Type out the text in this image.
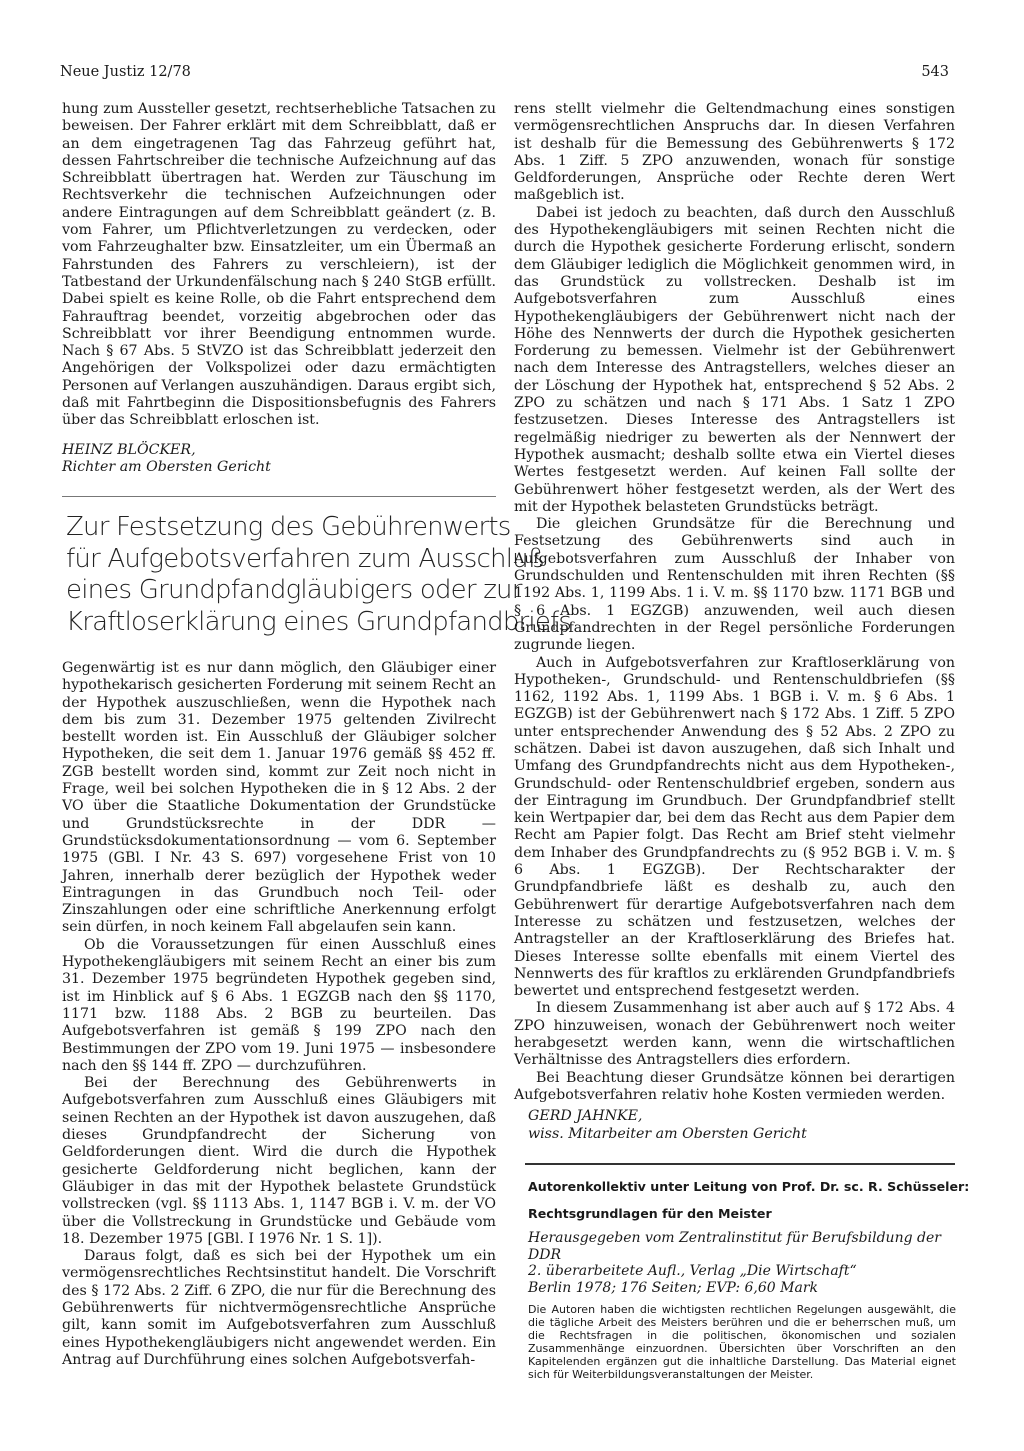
Neue Justiz 12/78	543

hung zum Aussteller gesetzt, rechtserhebliche Tatsachen zu beweisen. Der Fahrer erklärt mit dem Schreibblatt, daß er an dem eingetragenen Tag das Fahrzeug geführt hat, dessen Fahrtschreiber die technische Aufzeichnung auf das Schreibblatt übertragen hat. Werden zur Täuschung im Rechtsverkehr die technischen Aufzeichnungen oder andere Eintragungen auf dem Schreibblatt geändert (z. B. vom Fahrer, um Pflichtverletzungen zu verdecken, oder vom Fahrzeughalter bzw. Einsatzleiter, um ein Übermaß an Fahrstunden des Fahrers zu verschleiern), ist der Tatbestand der Urkundenfälschung nach § 240 StGB erfüllt. Dabei spielt es keine Rolle, ob die Fahrt entsprechend dem Fahrauftrag beendet, vorzeitig abgebrochen oder das Schreibblatt vor ihrer Beendigung entnommen wurde. Nach § 67 Abs. 5 StVZO ist das Schreibblatt jederzeit den Angehörigen der Volkspolizei oder dazu ermächtigten Personen auf Verlangen auszuhändigen. Daraus ergibt sich, daß mit Fahrtbeginn die Dispositionsbefugnis des Fahrers über das Schreibblatt erloschen ist.

HEINZ BLÖCKER,

Richter am Obersten Gericht

Zur Festsetzung des Gebührenwerts
für Aufgebotsverfahren zum Ausschluß
eines Grundpfandgläubigers oder zur
Kraftloserklärung eines Grundpfandbriefs

Gegenwärtig ist es nur dann möglich, den Gläubiger einer hypothekarisch gesicherten Forderung mit seinem Recht an der Hypothek auszuschließen, wenn die Hypothek nach dem bis zum 31. Dezember 1975 geltenden Zivilrecht bestellt worden ist. Ein Ausschluß der Gläubiger solcher Hypotheken, die seit dem 1. Januar 1976 gemäß §§ 452 ff. ZGB bestellt worden sind, kommt zur Zeit noch nicht in Frage, weil bei solchen Hypotheken die in § 12 Abs. 2 der VO über die Staatliche Dokumentation der Grundstücke und Grundstücksrechte in der DDR — Grundstücksdokumentationsordnung — vom 6. September 1975 (GBl. I Nr. 43 S. 697) vorgesehene Frist von 10 Jahren, innerhalb derer bezüglich der Hypothek weder Eintragungen in das Grundbuch noch Teil- oder Zinszahlungen oder eine schriftliche Anerkennung erfolgt sein dürfen, in noch keinem Fall abgelaufen sein kann.

Ob die Voraussetzungen für einen Ausschluß eines Hypothekengläubigers mit seinem Recht an einer bis zum 31. Dezember 1975 begründeten Hypothek gegeben sind, ist im Hinblick auf § 6 Abs. 1 EGZGB nach den §§ 1170, 1171 bzw. 1188 Abs. 2 BGB zu beurteilen. Das Aufgebotsverfahren ist gemäß § 199 ZPO nach den Bestimmungen der ZPO vom 19. Juni 1975 — insbesondere nach den §§ 144 ff. ZPO — durchzuführen.

Bei der Berechnung des Gebührenwerts in Aufgebotsverfahren zum Ausschluß eines Gläubigers mit seinen Rechten an der Hypothek ist davon auszugehen, daß dieses Grundpfandrecht der Sicherung von Geldforderungen dient. Wird die durch die Hypothek gesicherte Geldforderung nicht beglichen, kann der Gläubiger in das mit der Hypothek belastete Grundstück vollstrecken (vgl. §§ 1113 Abs. 1, 1147 BGB i. V. m. der VO über die Vollstreckung in Grundstücke und Gebäude vom 18. Dezember 1975 [GBl. I 1976 Nr. 1 S. 1]).

Daraus folgt, daß es sich bei der Hypothek um ein vermögensrechtliches Rechtsinstitut handelt. Die Vorschrift des § 172 Abs. 2 Ziff. 6 ZPO, die nur für die Berechnung des Gebührenwerts für nichtvermögensrechtliche Ansprüche gilt, kann somit im Aufgebotsverfahren zum Ausschluß eines Hypothekengläubigers nicht angewendet werden. Ein Antrag auf Durchführung eines solchen Aufgebotsverfah-

rens stellt vielmehr die Geltendmachung eines sonstigen vermögensrechtlichen Anspruchs dar. In diesen Verfahren ist deshalb für die Bemessung des Gebührenwerts § 172 Abs. 1 Ziff. 5 ZPO anzuwenden, wonach für sonstige Geldforderungen, Ansprüche oder Rechte deren Wert maßgeblich ist.

Dabei ist jedoch zu beachten, daß durch den Ausschluß des Hypothekengläubigers mit seinen Rechten nicht die durch die Hypothek gesicherte Forderung erlischt, sondern dem Gläubiger lediglich die Möglichkeit genommen wird, in das Grundstück zu vollstrecken. Deshalb ist im Aufgebotsverfahren zum Ausschluß eines Hypothekengläubigers der Gebührenwert nicht nach der Höhe des Nennwerts der durch die Hypothek gesicherten Forderung zu bemessen. Vielmehr ist der Gebührenwert nach dem Interesse des Antragstellers, welches dieser an der Löschung der Hypothek hat, entsprechend § 52 Abs. 2 ZPO zu schätzen und nach § 171 Abs. 1 Satz 1 ZPO festzusetzen. Dieses Interesse des Antragstellers ist regelmäßig niedriger zu bewerten als der Nennwert der Hypothek ausmacht; deshalb sollte etwa ein Viertel dieses Wertes festgesetzt werden. Auf keinen Fall sollte der Gebührenwert höher festgesetzt werden, als der Wert des mit der Hypothek belasteten Grundstücks beträgt.

Die gleichen Grundsätze für die Berechnung und Festsetzung des Gebührenwerts sind auch in Aufgebotsverfahren zum Ausschluß der Inhaber von Grundschulden und Rentenschulden mit ihren Rechten (§§ 1192 Abs. 1, 1199 Abs. 1 i. V. m. §§ 1170 bzw. 1171 BGB und § 6 Abs. 1 EGZGB) anzuwenden, weil auch diesen Grundpfandrechten in der Regel persönliche Forderungen zugrunde liegen.

Auch in Aufgebotsverfahren zur Kraftloserklärung von Hypotheken-, Grundschuld- und Rentenschuldbriefen (§§ 1162, 1192 Abs. 1, 1199 Abs. 1 BGB i. V. m. § 6 Abs. 1 EGZGB) ist der Gebührenwert nach § 172 Abs. 1 Ziff. 5 ZPO unter entsprechender Anwendung des § 52 Abs. 2 ZPO zu schätzen. Dabei ist davon auszugehen, daß sich Inhalt und Umfang des Grundpfandrechts nicht aus dem Hypotheken-, Grundschuld- oder Rentenschuldbrief ergeben, sondern aus der Eintragung im Grundbuch. Der Grundpfandbrief stellt kein Wertpapier dar, bei dem das Recht aus dem Papier dem Recht am Papier folgt. Das Recht am Brief steht vielmehr dem Inhaber des Grundpfandrechts zu (§ 952 BGB i. V. m. § 6 Abs. 1 EGZGB). Der Rechtscharakter der Grundpfandbriefe läßt es deshalb zu, auch den Gebührenwert für derartige Aufgebotsverfahren nach dem Interesse zu schätzen und festzusetzen, welches der Antragsteller an der Kraftloserklärung des Briefes hat. Dieses Interesse sollte ebenfalls mit einem Viertel des Nennwerts des für kraftlos zu erklärenden Grundpfandbriefs bewertet und entsprechend festgesetzt werden.

In diesem Zusammenhang ist aber auch auf § 172 Abs. 4 ZPO hinzuweisen, wonach der Gebührenwert noch weiter herabgesetzt werden kann, wenn die wirtschaftlichen Verhältnisse des Antragstellers dies erfordern.

Bei Beachtung dieser Grundsätze können bei derartigen Aufgebotsverfahren relativ hohe Kosten vermieden werden.

GERD JAHNKE,

wiss. Mitarbeiter am Obersten Gericht

Autorenkollektiv unter Leitung von Prof. Dr. sc. R. Schüsseler:
Rechtsgrundlagen für den Meister
Herausgegeben vom Zentralinstitut für Berufsbildung der DDR
2. überarbeitete Aufl., Verlag „Die Wirtschaft“
Berlin 1978; 176 Seiten; EVP: 6,60 Mark
Die Autoren haben die wichtigsten rechtlichen Regelungen ausgewählt, die die tägliche Arbeit des Meisters berühren und die er beherrschen muß, um die Rechtsfragen in die politischen, ökonomischen und sozialen Zusammenhänge einzuordnen. Übersichten über Vorschriften an den Kapitelenden ergänzen gut die inhaltliche Darstellung. Das Material eignet sich für Weiterbildungsveranstaltungen der Meister.
